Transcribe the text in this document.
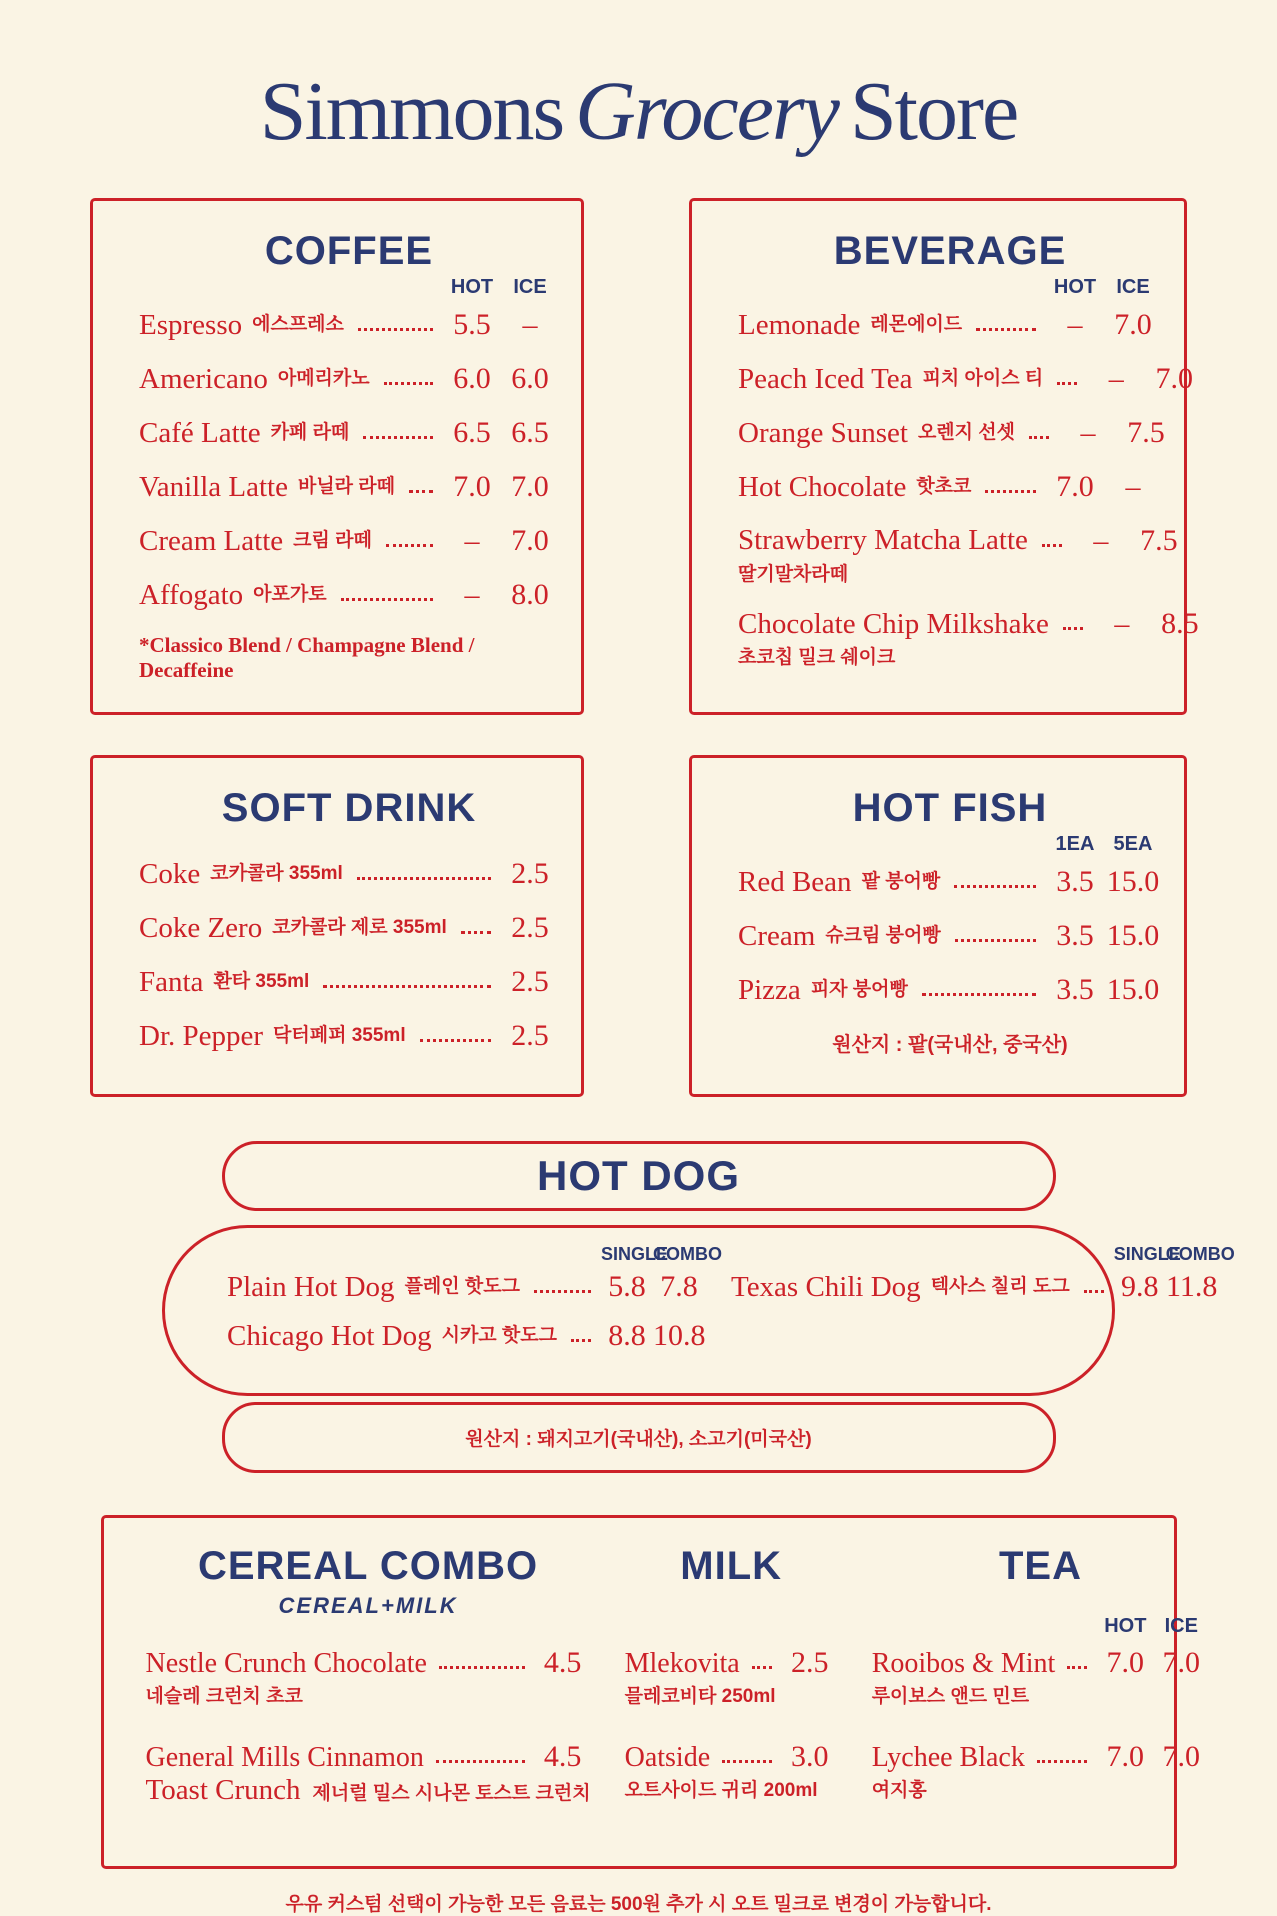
Simmons Grocery Store
COFFEE
HOT	ICE
Espresso 에스프레소	5.5	–
Americano 아메리카노	6.0 6.0
Café Latte 카페 라떼	6.5 6.5
Vanilla Latte 바닐라 라떼	7.0 7.0
Cream Latte 크림 라떼	–	7.0
Affogato 아포가토	–	8.0

*Classico Blend / Champagne Blend / Decaffeine

BEVERAGE
HOT	ICE
Lemonade 레몬에이드	–	7.0
Peach Iced Tea 피치 아이스 티	–	7.0
Orange Sunset 오렌지 선셋	–	7.5
Hot Chocolate 핫초코	7.0	–
Strawberry Matcha Latte	–	7.5
딸기말차라떼
Chocolate Chip Milkshake	–	8.5
초코칩 밀크 쉐이크
SOFT DRINK
Coke 코카콜라 355ml	2.5
Coke Zero 코카콜라 제로 355ml	2.5
Fanta 환타 355ml	2.5
Dr. Pepper 닥터페퍼 355ml	2.5
HOT FISH
1EA 5EA
Red Bean 팥 붕어빵	3.5 15.0
Cream 슈크림 붕어빵	3.5 15.0
Pizza 피자 붕어빵	3.5 15.0

원산지 : 팥(국내산, 중국산)

HOT DOG
SINGLE
COMBO
Plain Hot Dog 플레인 핫도그	5.8 7.8
Chicago Hot Dog 시카고 핫도그 8.8 10.8
SINGLE
COMBO
Texas Chili Dog 텍사스 칠리 도그 9.8 11.8

원산지 : 돼지고기(국내산), 소고기(미국산)

CEREAL COMBO
CEREAL+MILK
Nestle Crunch Chocolate	4.5
네슬레 크런치 초코
General Mills Cinnamon	4.5
Toast Crunch 제너럴 밀스 시나몬 토스트 크런치
MILK
Mlekovita	2.5
믈레코비타 250ml
Oatside	3.0
오트사이드 귀리 200ml
TEA
HOT ICE
Rooibos & Mint	7.0 7.0
루이보스 앤드 민트
Lychee Black	7.0 7.0
여지홍

우유 커스텀 선택이 가능한 모든 음료는 500원 추가 시 오트 밀크로 변경이 가능합니다.
